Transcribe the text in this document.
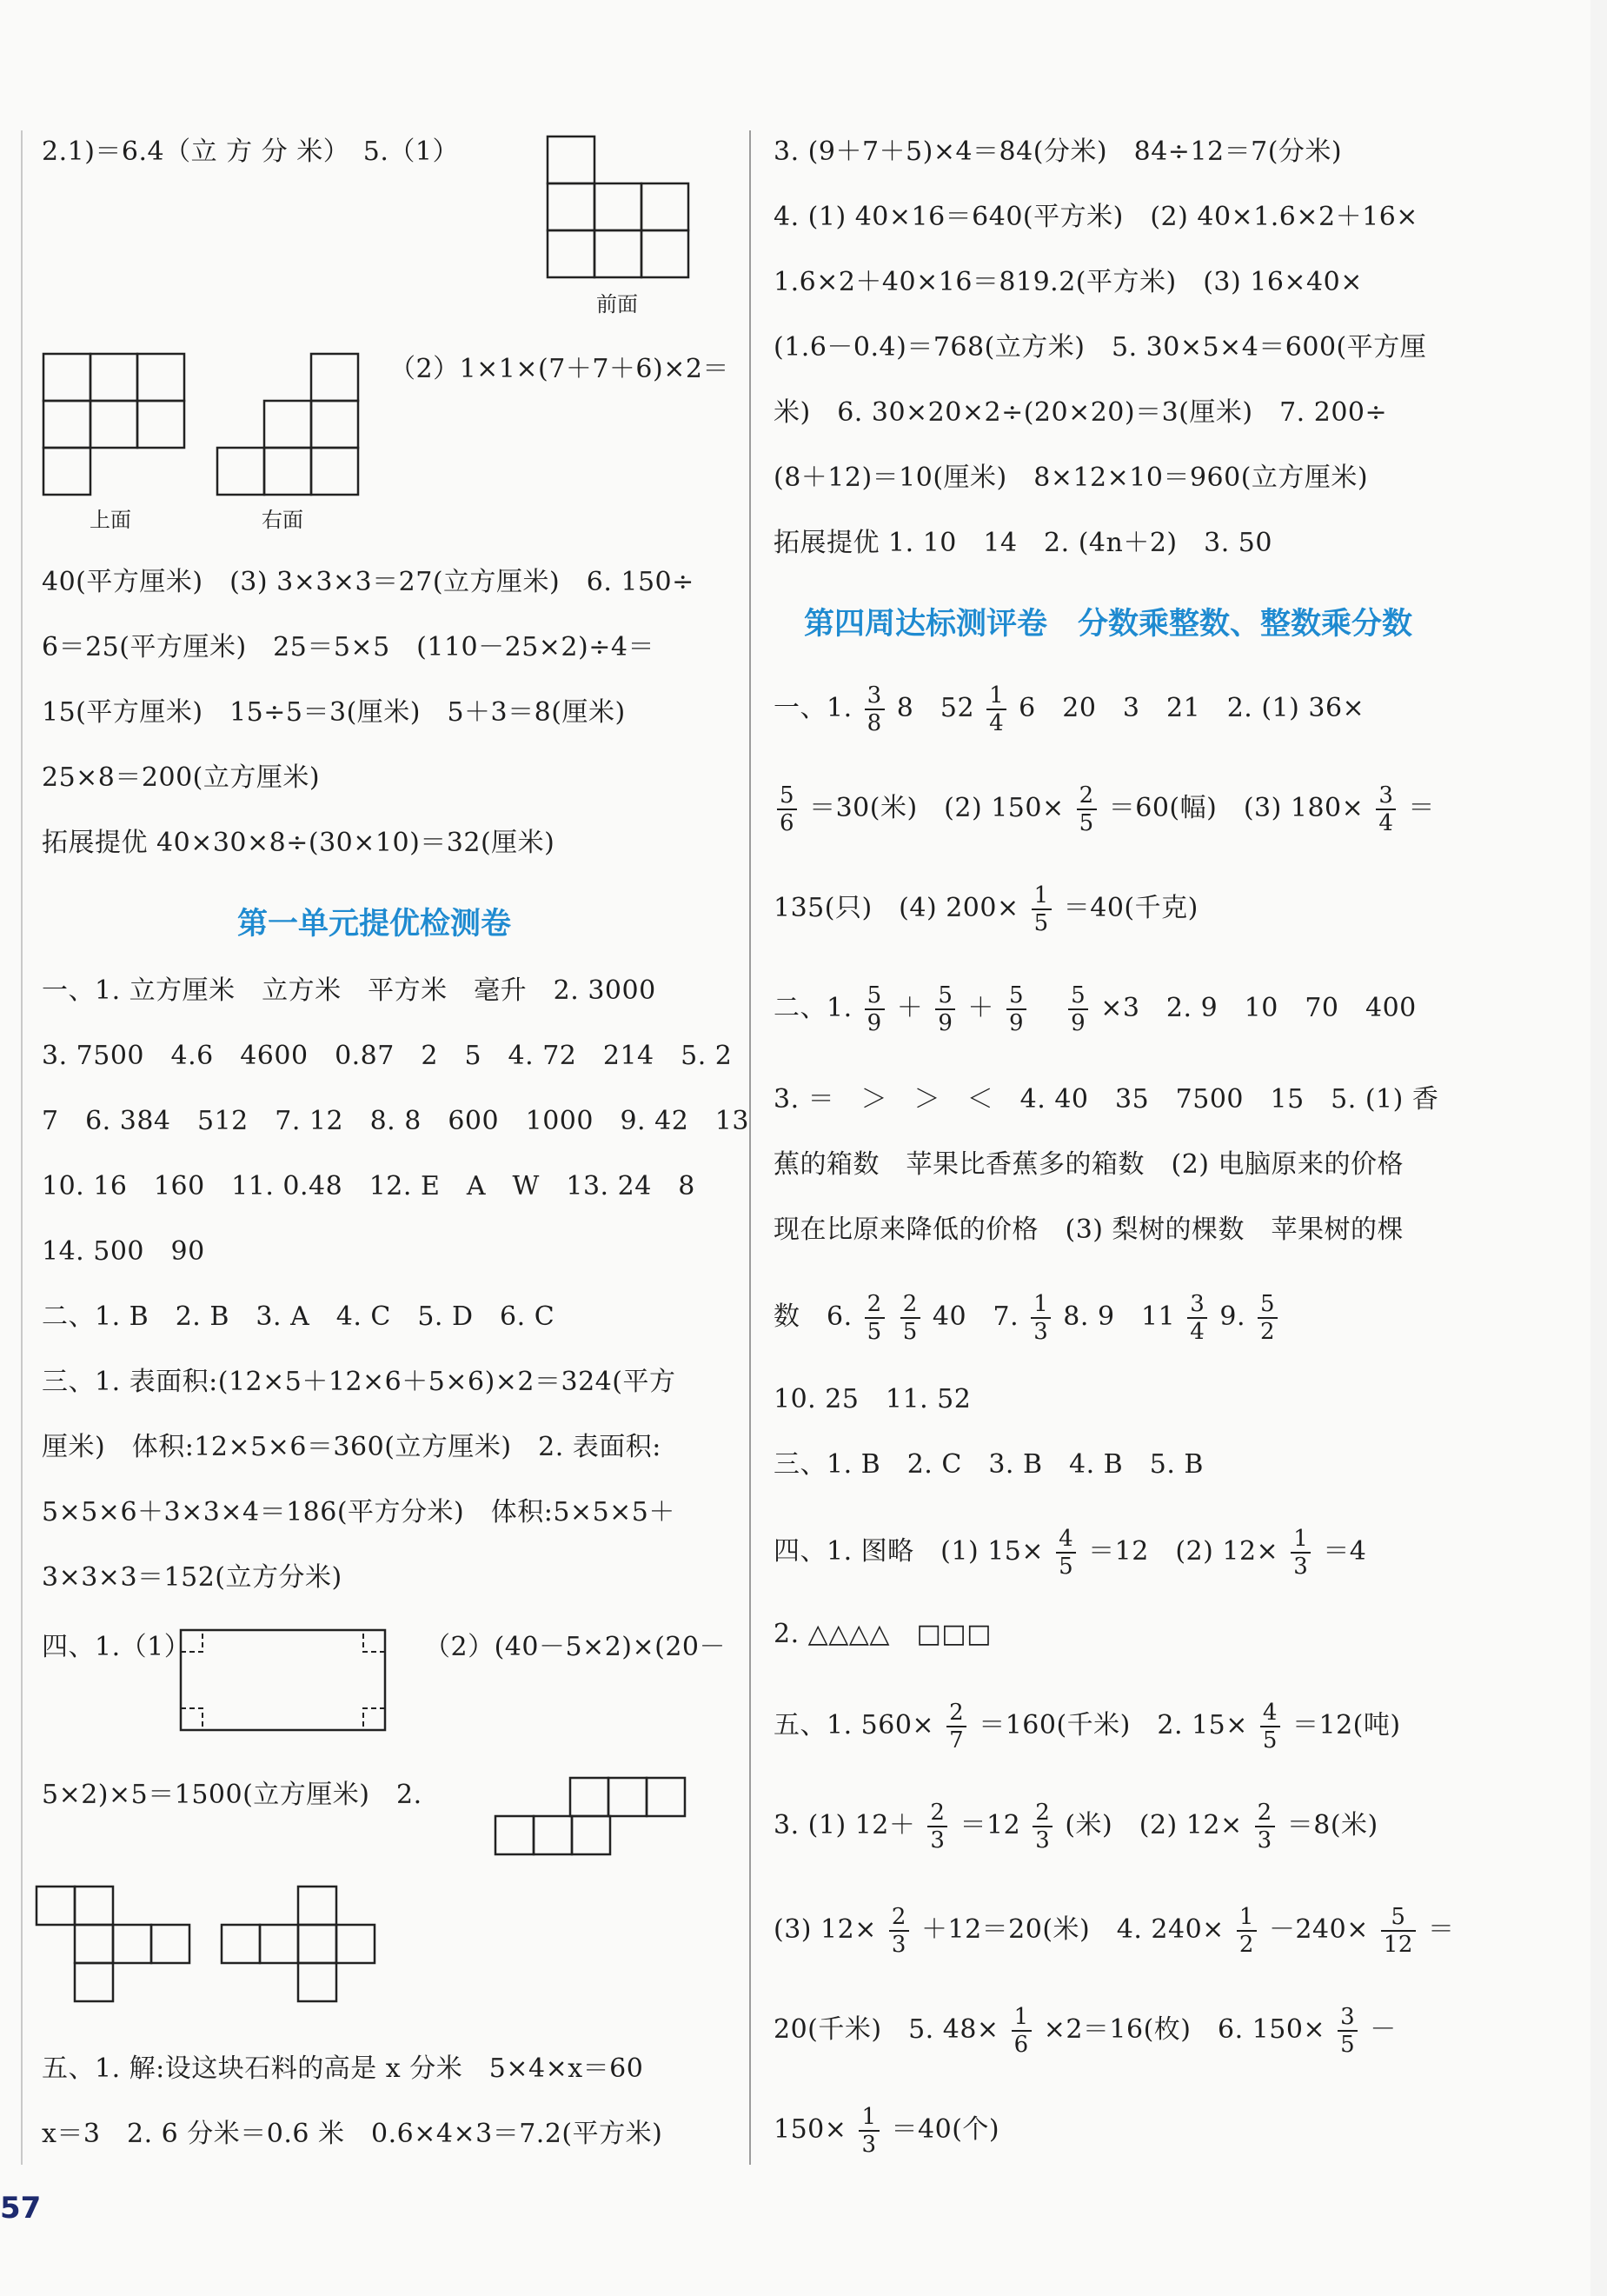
2.1)＝6.4（立 方 分 米）　5.（1）
前面
上面	右面
（2）1×1×(7＋7＋6)×2＝
40(平方厘米)　(3) 3×3×3＝27(立方厘米)　6. 150÷
6＝25(平方厘米)　25＝5×5　(110－25×2)÷4＝
15(平方厘米)　15÷5＝3(厘米)　5＋3＝8(厘米)
25×8＝200(立方厘米)
拓展提优 40×30×8÷(30×10)＝32(厘米)
第一单元提优检测卷
一、1. 立方厘米　立方米　平方米　毫升　2. 3000
3. 7500　4.6　4600　0.87　2　5　4. 72　214　5. 2
7　6. 384　512　7. 12　8. 8　600　1000　9. 42　13
10. 16　160　11. 0.48　12. E　A　W　13. 24　8
14. 500　90
二、1. B　2. B　3. A　4. C　5. D　6. C
三、1. 表面积:(12×5＋12×6＋5×6)×2＝324(平方
厘米)　体积:12×5×6＝360(立方厘米)　2. 表面积:
5×5×6＋3×3×4＝186(平方分米)　体积:5×5×5＋
3×3×3＝152(立方分米)
四、1.（1）	（2）(40－5×2)×(20－
5×2)×5＝1500(立方厘米)　2.
五、1. 解:设这块石料的高是 x 分米　5×4×x＝60
x＝3　2. 6 分米＝0.6 米　0.6×4×3＝7.2(平方米)
3. (9＋7＋5)×4＝84(分米)　84÷12＝7(分米)
4. (1) 40×16＝640(平方米)　(2) 40×1.6×2＋16×
1.6×2＋40×16＝819.2(平方米)　(3) 16×40×
(1.6－0.4)＝768(立方米)　5. 30×5×4＝600(平方厘
米)　6. 30×20×2÷(20×20)＝3(厘米)　7. 200÷
(8＋12)＝10(厘米)　8×12×10＝960(立方厘米)
拓展提优 1. 10　14　2. (4n＋2)　3. 50
第四周达标测评卷　分数乘整数、整数乘分数
一、1. $\frac{3}{8} 8$　$52 \frac{1}{4} 6$　20　3　21　2. (1) 36×
$\frac{5}{6} =30$(米)　(2) $150\times \frac{2}{5} =60$(幅)　(3) $180\times \frac{3}{4}$ ＝
135(只)　(4) $200\times \frac{1}{5} =40$(千克)
二、1. $\frac{5}{9} + \frac{5}{9} + \frac{5}{9}$
$\frac{5}{9} \times 3$　2. 9　10　70　400
3. ＝　＞　＞　＜　4. 40　35　7500　15　5. (1) 香
蕉的箱数　苹果比香蕉多的箱数　(2) 电脑原来的价格
现在比原来降低的价格　(3) 梨树的棵数　苹果树的棵
数　6. $\frac{2}{5}$
$\frac{2}{5} 40$　7. $\frac{1}{3} 8$. 9　$11 \frac{3}{4} 9$. $\frac{5}{2}$
10. 25　11. 52
三、1. B　2. C　3. B　4. B　5. B
四、1. 图略　(1) $15\times \frac{4}{5} =12$　(2) $12\times \frac{1}{3} =4$
2. △△△△　□□□
五、1. $560\times \frac{2}{7} =160$(千米)　2. $15\times \frac{4}{5} =12$(吨)
3. (1) $12+ \frac{2}{3} =12 \frac{2}{3}$ (米)　(2) $12\times \frac{2}{3} =8$(米)
(3) $12\times \frac{2}{3} +12=20$(米)　4. $240\times \frac{1}{2} -240\times \frac{5}{12}$ ＝
20(千米)　5. $48\times \frac{1}{6} \times 2=16$(枚)　6. $150\times \frac{3}{5}$ －
$150\times \frac{1}{3} =40$(个)
57
